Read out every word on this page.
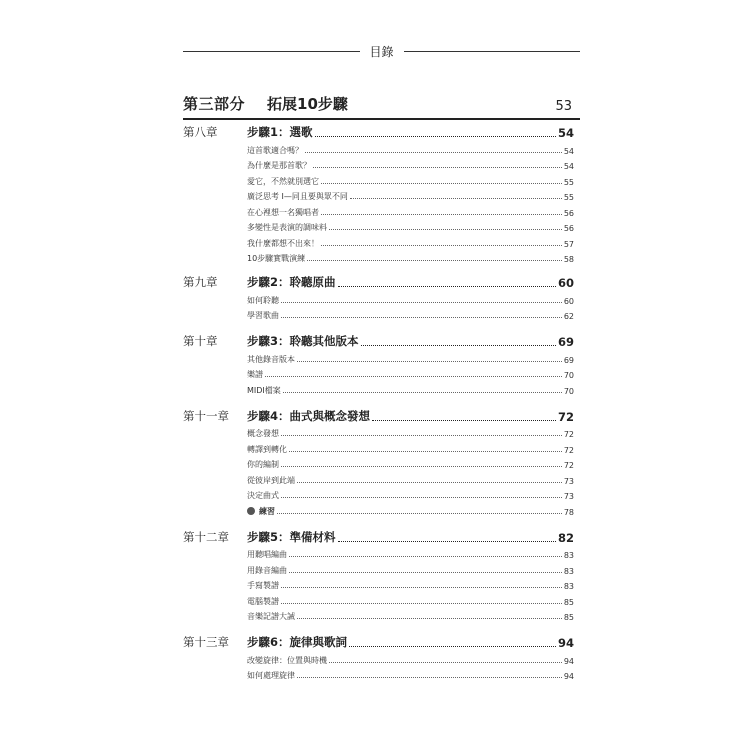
目錄
第三部分 拓展10步驟	53
第八章	步驟1：選歌	54
這首歌適合嗎？	54
為什麼是那首歌？	54
愛它，不然就別選它	55
廣泛思考 I—同且要與眾不同	55
在心裡想一名獨唱者	56
多變性是表演的調味料	56
我什麼都想不出來！	57
10步驟實戰演練	58
第九章	步驟2：聆聽原曲	60
如何聆聽	60
學習歌曲	62
第十章	步驟3：聆聽其他版本	69
其他錄音版本	69
樂譜	70
MIDI檔案	70
第十一章	步驟4：曲式與概念發想	72
概念發想	72
轉譯到轉化	72
你的編制	72
從彼岸到此端	73
決定曲式	73
練習	78
第十二章	步驟5：準備材料	82
用聽唱編曲	83
用錄音編曲	83
手寫製譜	83
電腦製譜	85
音樂記譜大誡	85
第十三章	步驟6：旋律與歌詞	94
改變旋律：位置與時機	94
如何處理旋律	94
